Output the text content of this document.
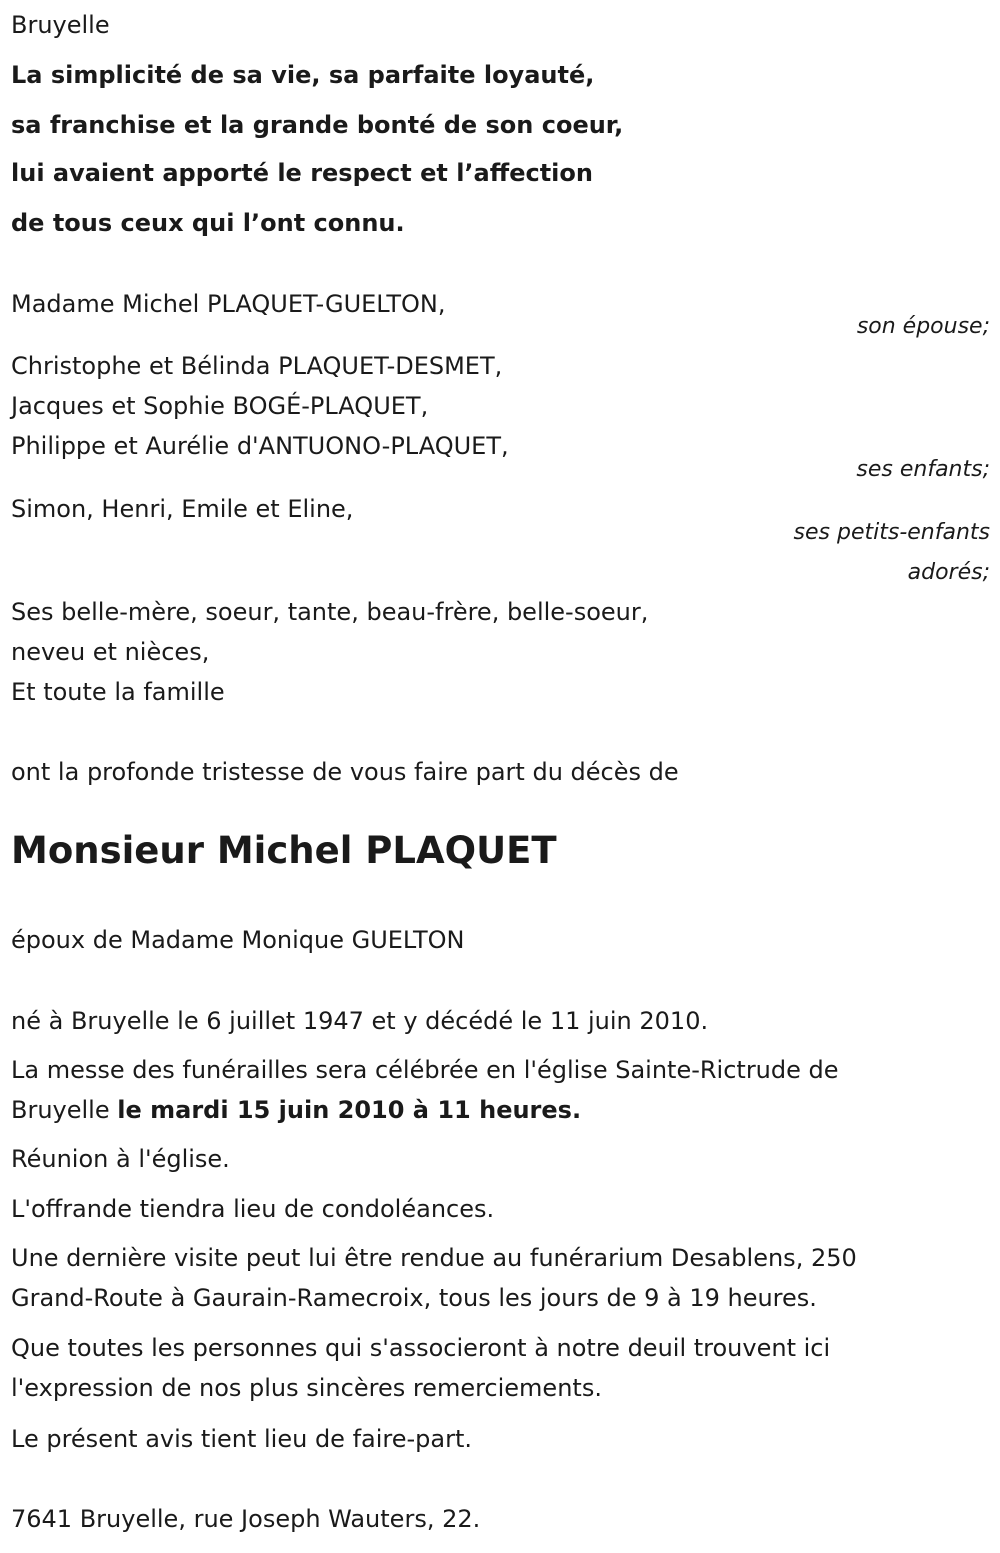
Bruyelle
La simplicité de sa vie, sa parfaite loyauté,
sa franchise et la grande bonté de son coeur,
lui avaient apporté le respect et l’affection
de tous ceux qui l’ont connu.
Madame Michel PLAQUET-GUELTON,
son épouse;
Christophe et Bélinda PLAQUET-DESMET,
Jacques et Sophie BOGÉ-PLAQUET,
Philippe et Aurélie d'ANTUONO-PLAQUET,
ses enfants;
Simon, Henri, Emile et Eline,
ses petits-enfants
adorés;
Ses belle-mère, soeur, tante, beau-frère, belle-soeur,
neveu et nièces,
Et toute la famille
ont la profonde tristesse de vous faire part du décès de
Monsieur Michel PLAQUET
époux de Madame Monique GUELTON
né à Bruyelle le 6 juillet 1947 et y décédé le 11 juin 2010.
La messe des funérailles sera célébrée en l'église Sainte-Rictrude de
Bruyelle le mardi 15 juin 2010 à 11 heures.
Réunion à l'église.
L'offrande tiendra lieu de condoléances.
Une dernière visite peut lui être rendue au funérarium Desablens, 250
Grand-Route à Gaurain-Ramecroix, tous les jours de 9 à 19 heures.
Que toutes les personnes qui s'associeront à notre deuil trouvent ici
l'expression de nos plus sincères remerciements.
Le présent avis tient lieu de faire-part.
7641 Bruyelle, rue Joseph Wauters, 22.
